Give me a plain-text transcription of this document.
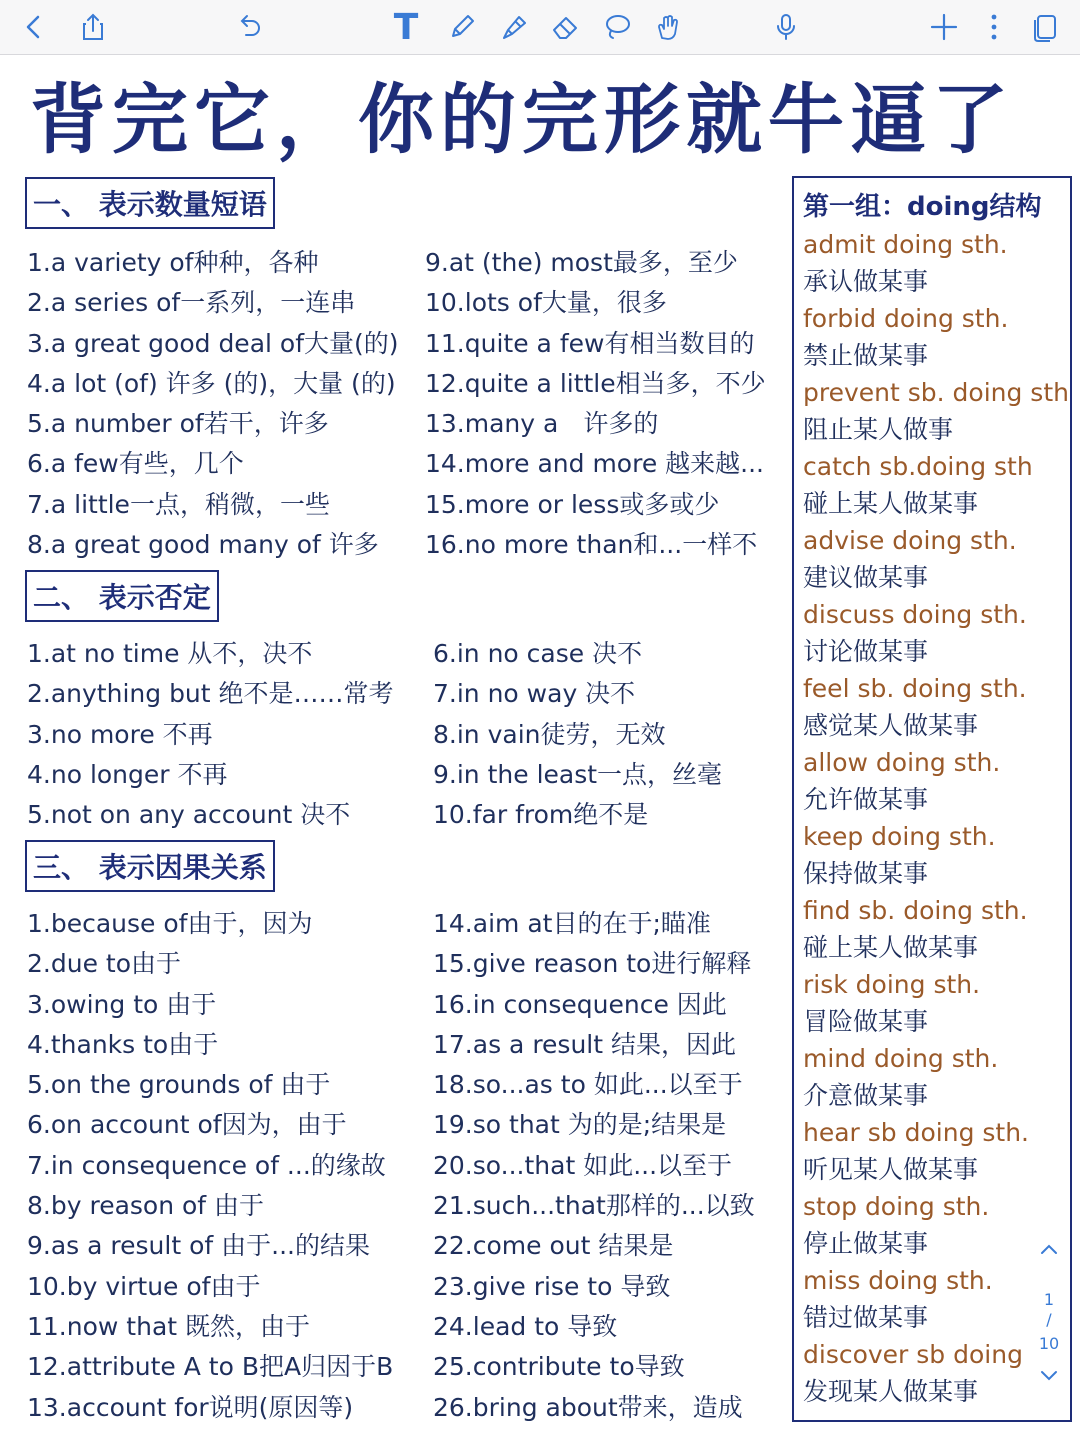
T
背完它，你的完形就牛逼了
一、 表示数量短语
1.a variety of种种，各种
2.a series of一系列，一连串
3.a great good deal of大量(的)
4.a lot (of) 许多 (的)，大量 (的)
5.a number of若干，许多
6.a few有些，几个
7.a little一点，稍微，一些
8.a great good many of 许多
9.at (the) most最多，至少
10.lots of大量，很多
11.quite a few有相当数目的
12.quite a little相当多，不少
13.many a　许多的
14.more and more 越来越...
15.more or less或多或少
16.no more than和...一样不
二、 表示否定
1.at no time 从不，决不
2.anything but 绝不是……常考
3.no more 不再
4.no longer 不再
5.not on any account 决不
6.in no case 决不
7.in no way 决不
8.in vain徒劳，无效
9.in the least一点，丝毫
10.far from绝不是
三、 表示因果关系
1.because of由于，因为
2.due to由于
3.owing to 由于
4.thanks to由于
5.on the grounds of 由于
6.on account of因为，由于
7.in consequence of ...的缘故
8.by reason of 由于
9.as a result of 由于...的结果
10.by virtue of由于
11.now that 既然，由于
12.attribute A to B把A归因于B
13.account for说明(原因等)
14.aim at目的在于;瞄准
15.give reason to进行解释
16.in consequence 因此
17.as a result 结果，因此
18.so...as to 如此...以至于
19.so that 为的是;结果是
20.so...that 如此...以至于
21.such...that那样的...以致
22.come out 结果是
23.give rise to 导致
24.lead to 导致
25.contribute to导致
26.bring about带来，造成
第一组：doing结构
admit doing sth.
承认做某事
forbid doing sth.
禁止做某事
prevent sb. doing sth
阻止某人做事
catch sb.doing sth
碰上某人做某事
advise doing sth.
建议做某事
discuss doing sth.
讨论做某事
feel sb. doing sth.
感觉某人做某事
allow doing sth.
允许做某事
keep doing sth.
保持做某事
find sb. doing sth.
碰上某人做某事
risk doing sth.
冒险做某事
mind doing sth.
介意做某事
hear sb doing sth.
听见某人做某事
stop doing sth.
停止做某事
miss doing sth.
错过做某事
discover sb doing
发现某人做某事
1
/
10
